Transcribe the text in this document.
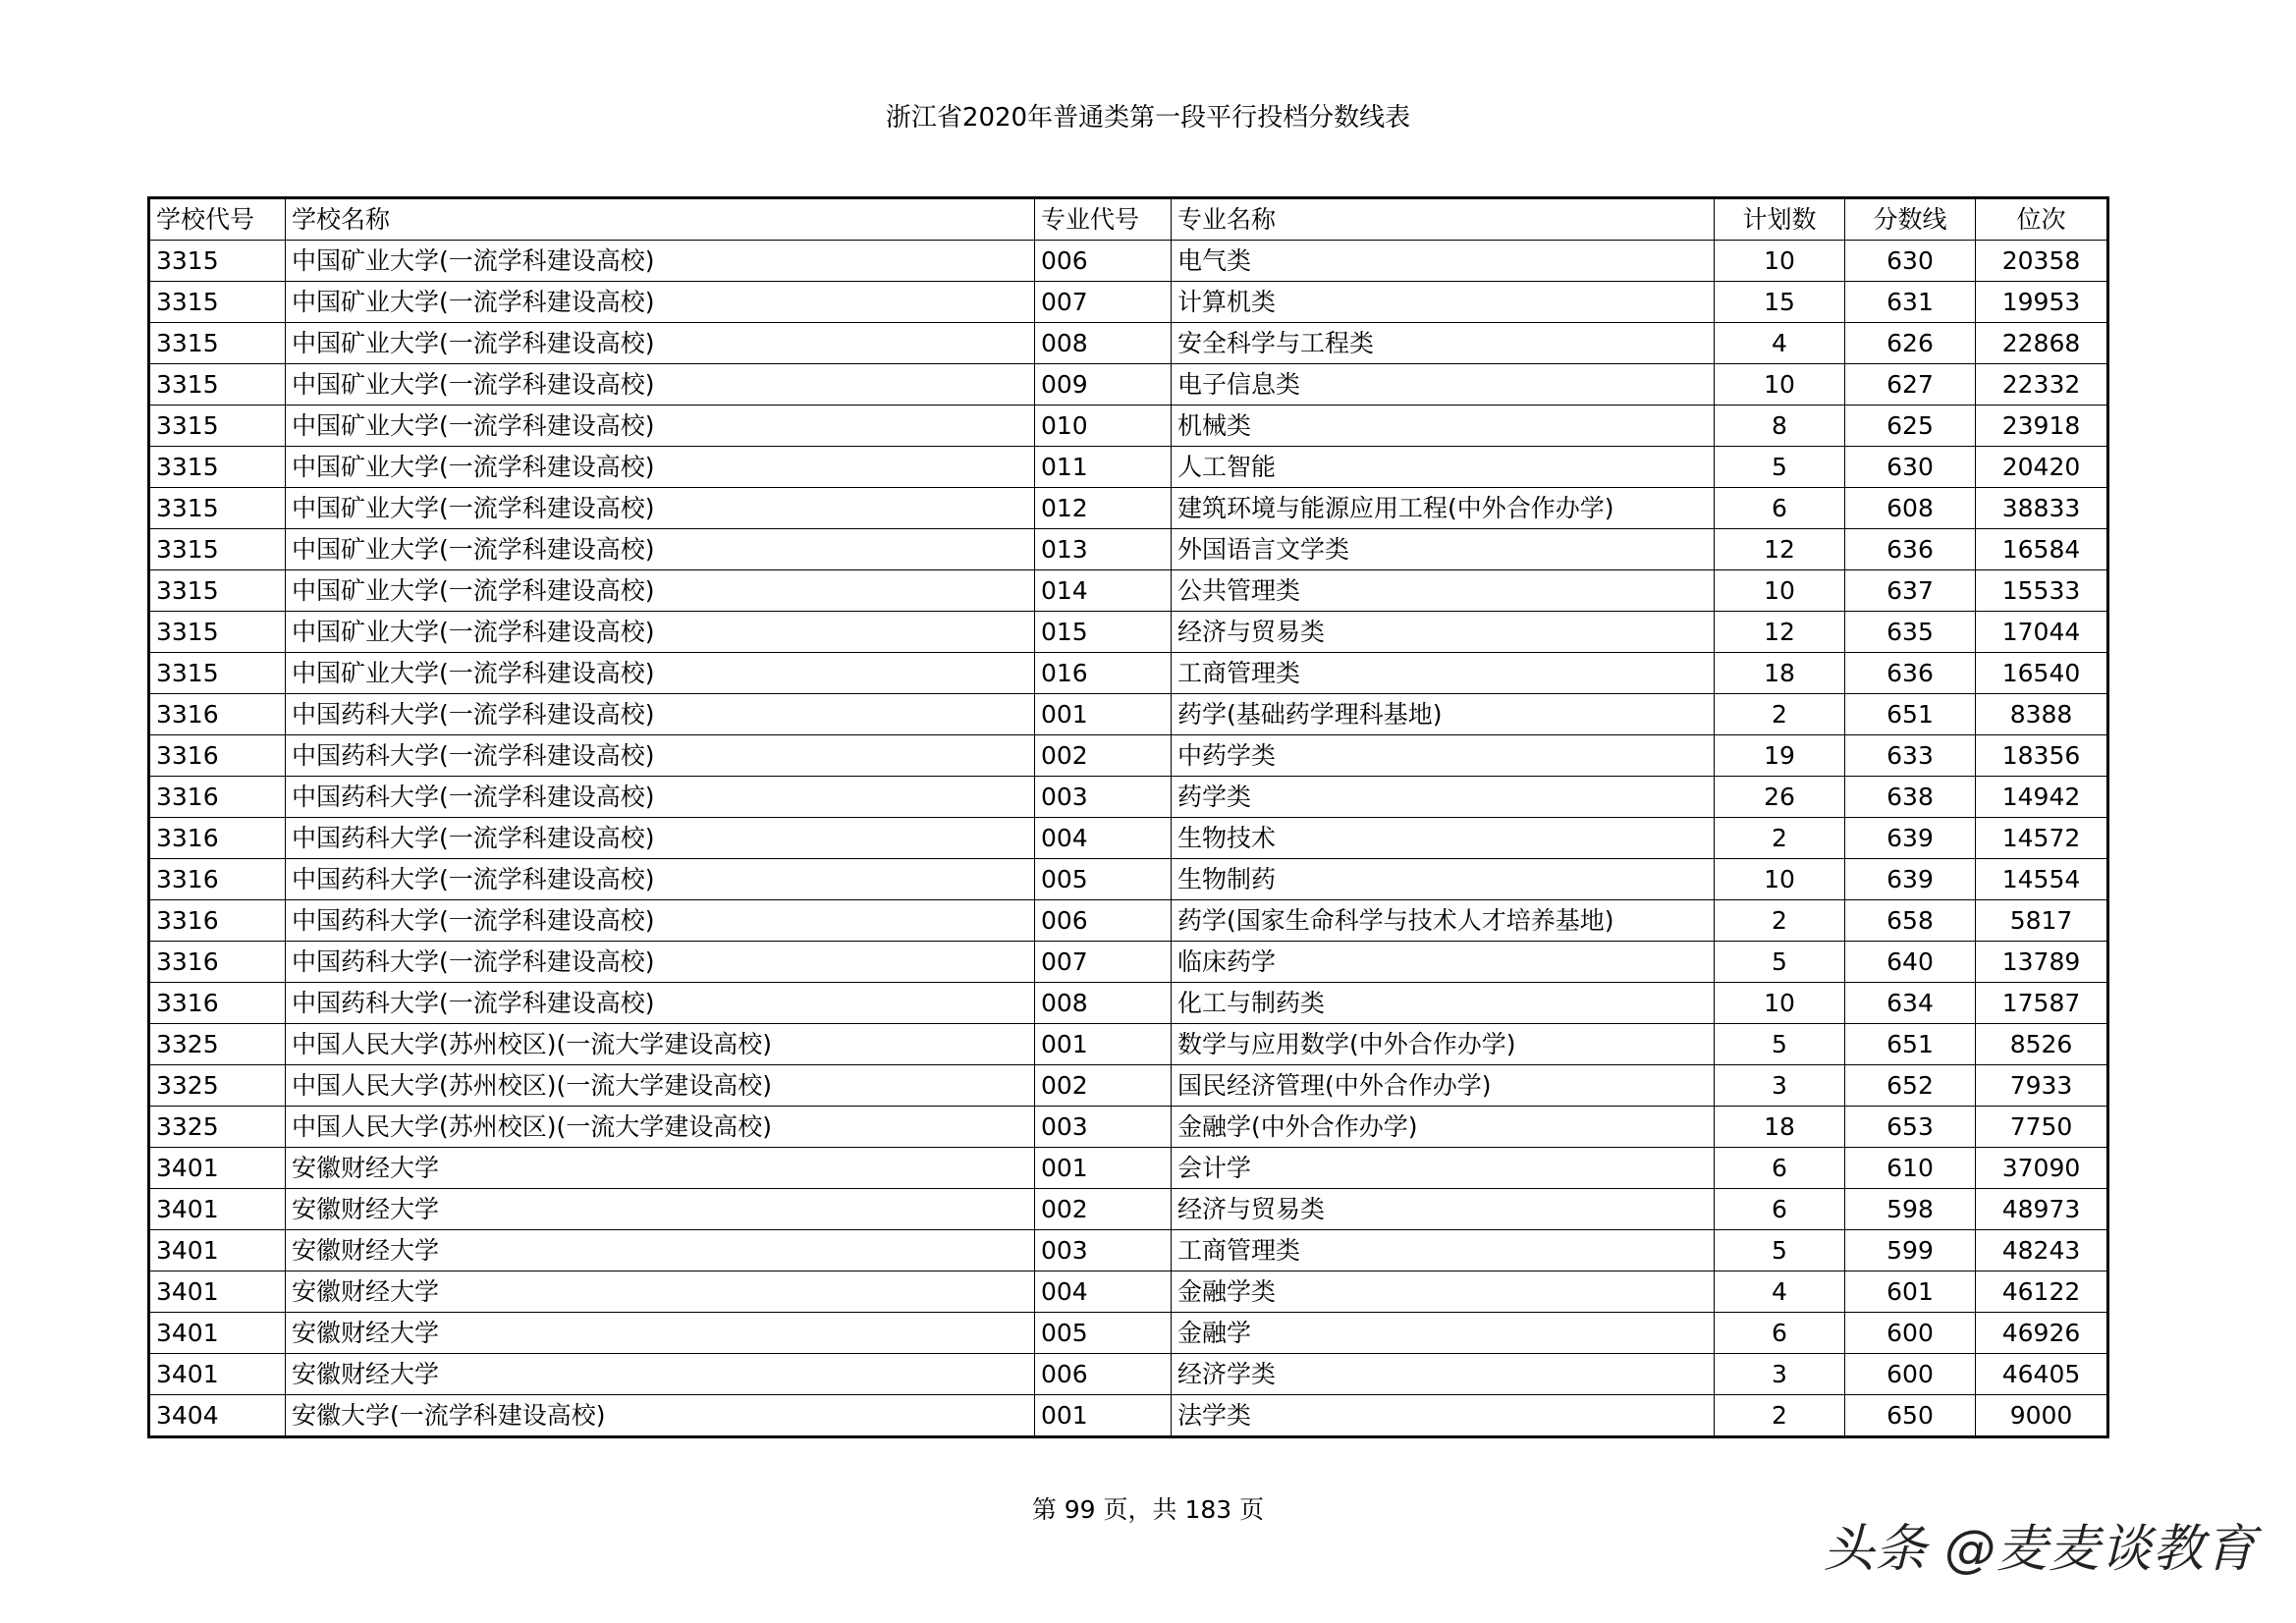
浙江省2020年普通类第一段平行投档分数线表
学校代号	学校名称	专业代号	专业名称	计划数	分数线	位次
3315	中国矿业大学(一流学科建设高校)	006	电气类	10	630	20358
3315	中国矿业大学(一流学科建设高校)	007	计算机类	15	631	19953
3315	中国矿业大学(一流学科建设高校)	008	安全科学与工程类	4	626	22868
3315	中国矿业大学(一流学科建设高校)	009	电子信息类	10	627	22332
3315	中国矿业大学(一流学科建设高校)	010	机械类	8	625	23918
3315	中国矿业大学(一流学科建设高校)	011	人工智能	5	630	20420
3315	中国矿业大学(一流学科建设高校)	012	建筑环境与能源应用工程(中外合作办学)	6	608	38833
3315	中国矿业大学(一流学科建设高校)	013	外国语言文学类	12	636	16584
3315	中国矿业大学(一流学科建设高校)	014	公共管理类	10	637	15533
3315	中国矿业大学(一流学科建设高校)	015	经济与贸易类	12	635	17044
3315	中国矿业大学(一流学科建设高校)	016	工商管理类	18	636	16540
3316	中国药科大学(一流学科建设高校)	001	药学(基础药学理科基地)	2	651	8388
3316	中国药科大学(一流学科建设高校)	002	中药学类	19	633	18356
3316	中国药科大学(一流学科建设高校)	003	药学类	26	638	14942
3316	中国药科大学(一流学科建设高校)	004	生物技术	2	639	14572
3316	中国药科大学(一流学科建设高校)	005	生物制药	10	639	14554
3316	中国药科大学(一流学科建设高校)	006	药学(国家生命科学与技术人才培养基地)	2	658	5817
3316	中国药科大学(一流学科建设高校)	007	临床药学	5	640	13789
3316	中国药科大学(一流学科建设高校)	008	化工与制药类	10	634	17587
3325	中国人民大学(苏州校区)(一流大学建设高校)	001	数学与应用数学(中外合作办学)	5	651	8526
3325	中国人民大学(苏州校区)(一流大学建设高校)	002	国民经济管理(中外合作办学)	3	652	7933
3325	中国人民大学(苏州校区)(一流大学建设高校)	003	金融学(中外合作办学)	18	653	7750
3401	安徽财经大学	001	会计学	6	610	37090
3401	安徽财经大学	002	经济与贸易类	6	598	48973
3401	安徽财经大学	003	工商管理类	5	599	48243
3401	安徽财经大学	004	金融学类	4	601	46122
3401	安徽财经大学	005	金融学	6	600	46926
3401	安徽财经大学	006	经济学类	3	600	46405
3404	安徽大学(一流学科建设高校)	001	法学类	2	650	9000
第 99 页，共 183 页
头条 @麦麦谈教育
